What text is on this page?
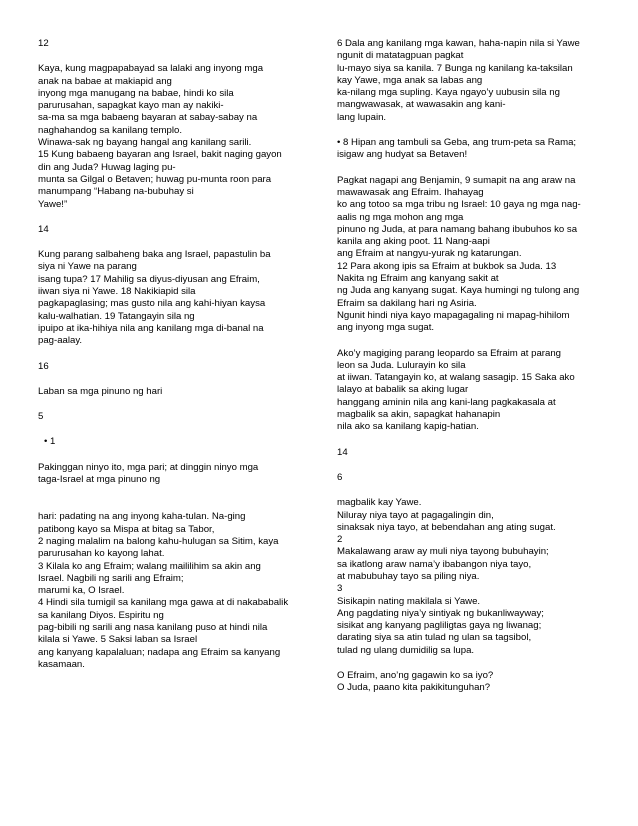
12
Kaya, kung magpapabayad sa lalaki ang inyong mga
anak na babae at makiapid ang
inyong mga manugang na babae, hindi ko sila
parurusahan, sapagkat kayo man ay nakiki-
sa-ma sa mga babaeng bayaran at sabay-sabay na
naghahandog sa kanilang templo.
Winawa-sak ng bayang hangal ang kanilang sarili.
15 Kung babaeng bayaran ang Israel, bakit naging gayon
din ang Juda? Huwag laging pu-
munta sa Gilgal o Betaven; huwag pu-munta roon para
manumpang “Habang na-bubuhay si
Yawe!”
14
Kung parang salbaheng baka ang Israel, papastulin ba
siya ni Yawe na parang
isang tupa? 17 Mahilig sa diyus-diyusan ang Efraim,
iiwan siya ni Yawe. 18 Nakikiapid sila
pagkapaglasing; mas gusto nila ang kahi-hiyan kaysa
kalu-walhatian. 19 Tatangayin sila ng
ipuipo at ika-hihiya nila ang kanilang mga di-banal na
pag-aalay.
16
Laban sa mga pinuno ng hari
5
• 1
Pakinggan ninyo ito, mga pari; at dinggin ninyo mga
taga-Israel at mga pinuno ng
hari: padating na ang inyong kaha-tulan. Na-ging
patibong kayo sa Mispa at bitag sa Tabor,
2 naging malalim na balong kahu-hulugan sa Sitim, kaya
parurusahan ko kayong lahat.
3 Kilala ko ang Efraim; walang maililihim sa akin ang
Israel. Nagbili ng sarili ang Efraim;
marumi ka, O Israel.
4 Hindi sila tumigil sa kanilang mga gawa at di nakababalik
sa kanilang Diyos. Espiritu ng
pag-bibili ng sarili ang nasa kanilang puso at hindi nila
kilala si Yawe. 5 Saksi laban sa Israel
ang kanyang kapalaluan; nadapa ang Efraim sa kanyang
kasamaan.
6 Dala ang kanilang mga kawan, haha-napin nila si Yawe
ngunit di matatagpuan pagkat
lu-mayo siya sa kanila. 7 Bunga ng kanilang ka-taksilan
kay Yawe, mga anak sa labas ang
ka-nilang mga supling. Kaya ngayo’y uubusin sila ng
mangwawasak, at wawasakin ang kani-
lang lupain.
• 8 Hipan ang tambuli sa Geba, ang trum-peta sa Rama;
isigaw ang hudyat sa Betaven!
Pagkat nagapi ang Benjamin, 9 sumapit na ang araw na
mawawasak ang Efraim. Ihahayag
ko ang totoo sa mga tribu ng Israel: 10 gaya ng mga nag-
aalis ng mga mohon ang mga
pinuno ng Juda, at para namang bahang ibubuhos ko sa
kanila ang aking poot. 11 Nang-aapi
ang Efraim at nangyu-yurak ng katarungan.
12 Para akong ipis sa Efraim at bukbok sa Juda. 13
Nakita ng Efraim ang kanyang sakit at
ng Juda ang kanyang sugat. Kaya humingi ng tulong ang
Efraim sa dakilang hari ng Asiria.
Ngunit hindi niya kayo mapagagaling ni mapag-hihilom
ang inyong mga sugat.
Ako’y magiging parang leopardo sa Efraim at parang
leon sa Juda. Lulurayin ko sila
at iiwan. Tatangayin ko, at walang sasagip. 15 Saka ako
lalayo at babalik sa aking lugar
hanggang aminin nila ang kani-lang pagkakasala at
magbalik sa akin, sapagkat hahanapin
nila ako sa kanilang kapig-hatian.
14
6
magbalik kay Yawe.
Niluray niya tayo at pagagalingin din,
sinaksak niya tayo, at bebendahan ang ating sugat.
2
Makalawang araw ay muli niya tayong bubuhayin;
sa ikatlong araw nama’y ibabangon niya tayo,
at mabubuhay tayo sa piling niya.
3
Sisikapin nating makilala si Yawe.
Ang pagdating niya’y sintiyak ng bukanliwayway;
sisikat ang kanyang pagliligtas gaya ng liwanag;
darating siya sa atin tulad ng ulan sa tagsibol,
tulad ng ulang dumidilig sa lupa.
O Efraim, ano’ng gagawin ko sa iyo?
O Juda, paano kita pakikitunguhan?
